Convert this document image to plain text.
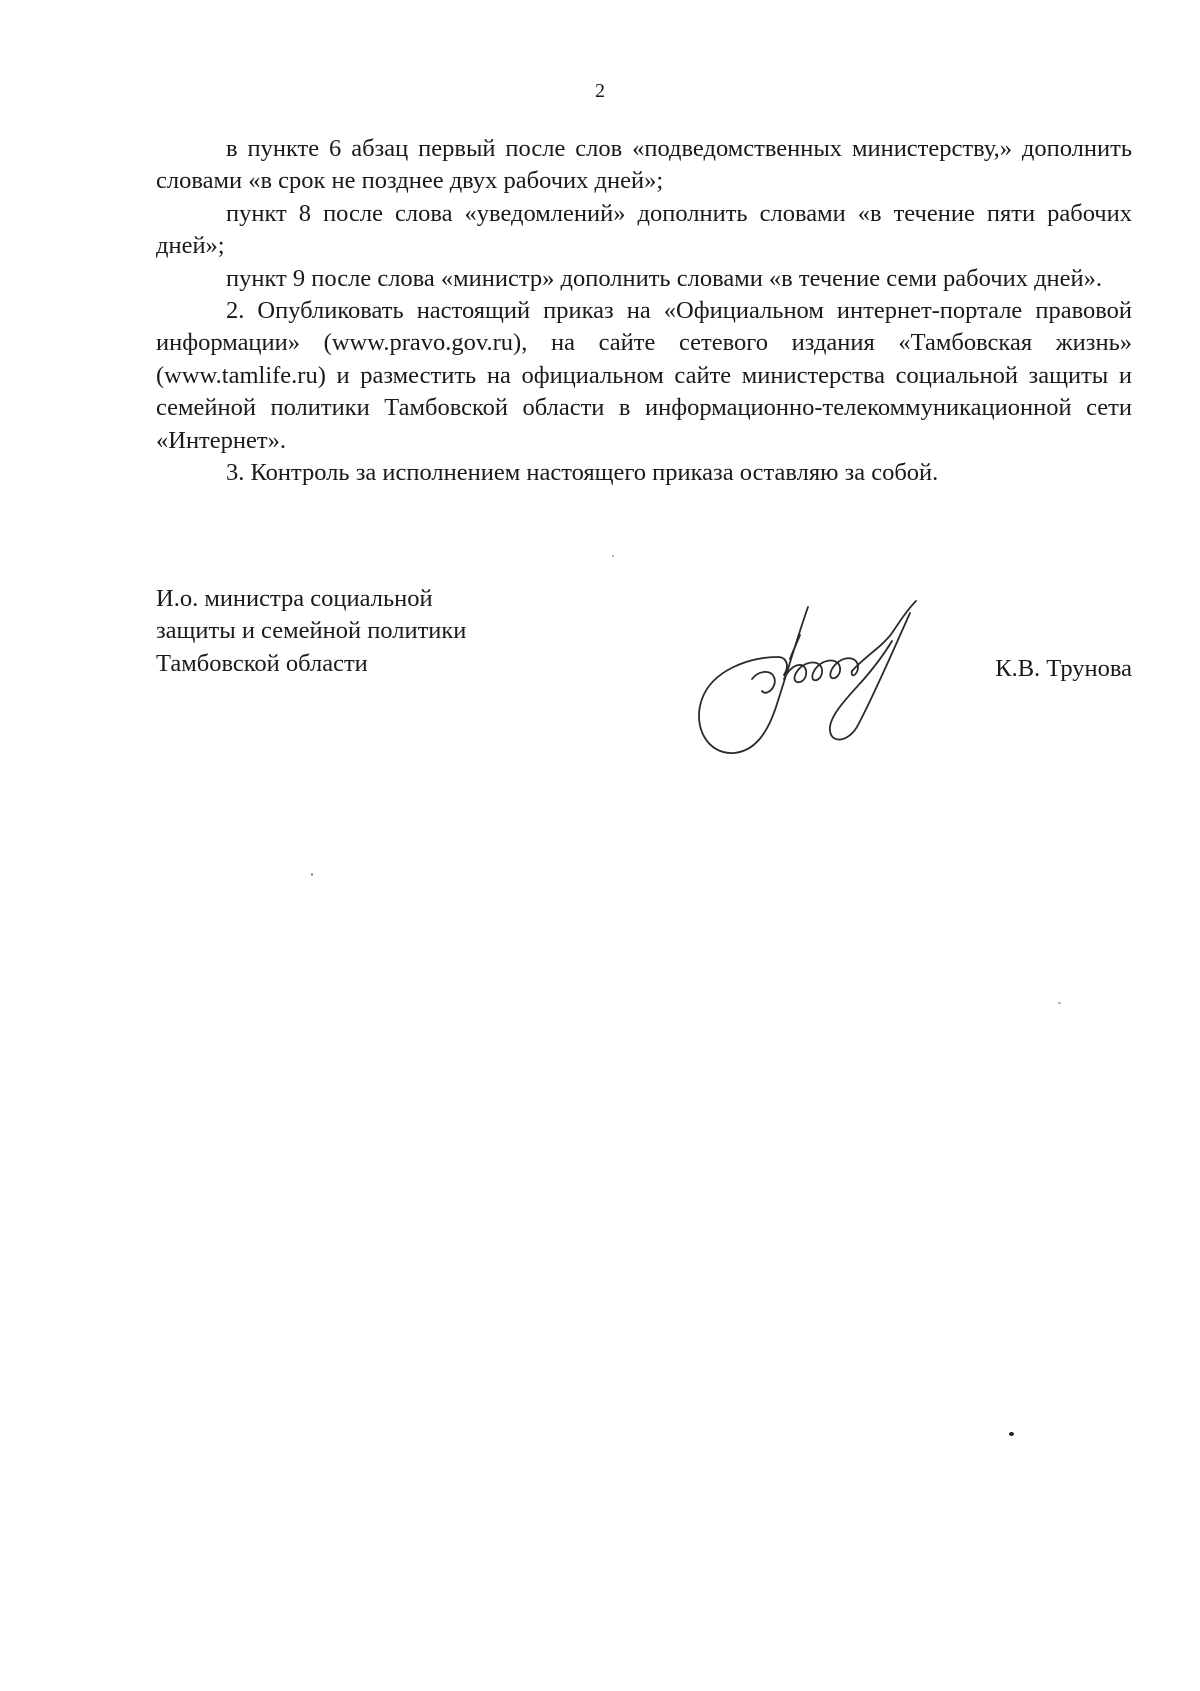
2

в пункте 6 абзац первый после слов «подведомственных министерству,» дополнить словами «в срок не позднее двух рабочих дней»;

пункт 8 после слова «уведомлений» дополнить словами «в течение пяти рабочих дней»;

пункт 9 после слова «министр» дополнить словами «в течение семи рабочих дней».

2. Опубликовать настоящий приказ на «Официальном интернет-портале правовой информации» (www.pravo.gov.ru), на сайте сетевого издания «Тамбовская жизнь» (www.tamlife.ru) и разместить на официальном сайте министерства социальной защиты и семейной политики Тамбовской области в информационно-телекоммуникационной сети «Интернет».

3. Контроль за исполнением настоящего приказа оставляю за собой.

И.о. министра социальной
защиты и семейной политики
Тамбовской области	К.В. Трунова
